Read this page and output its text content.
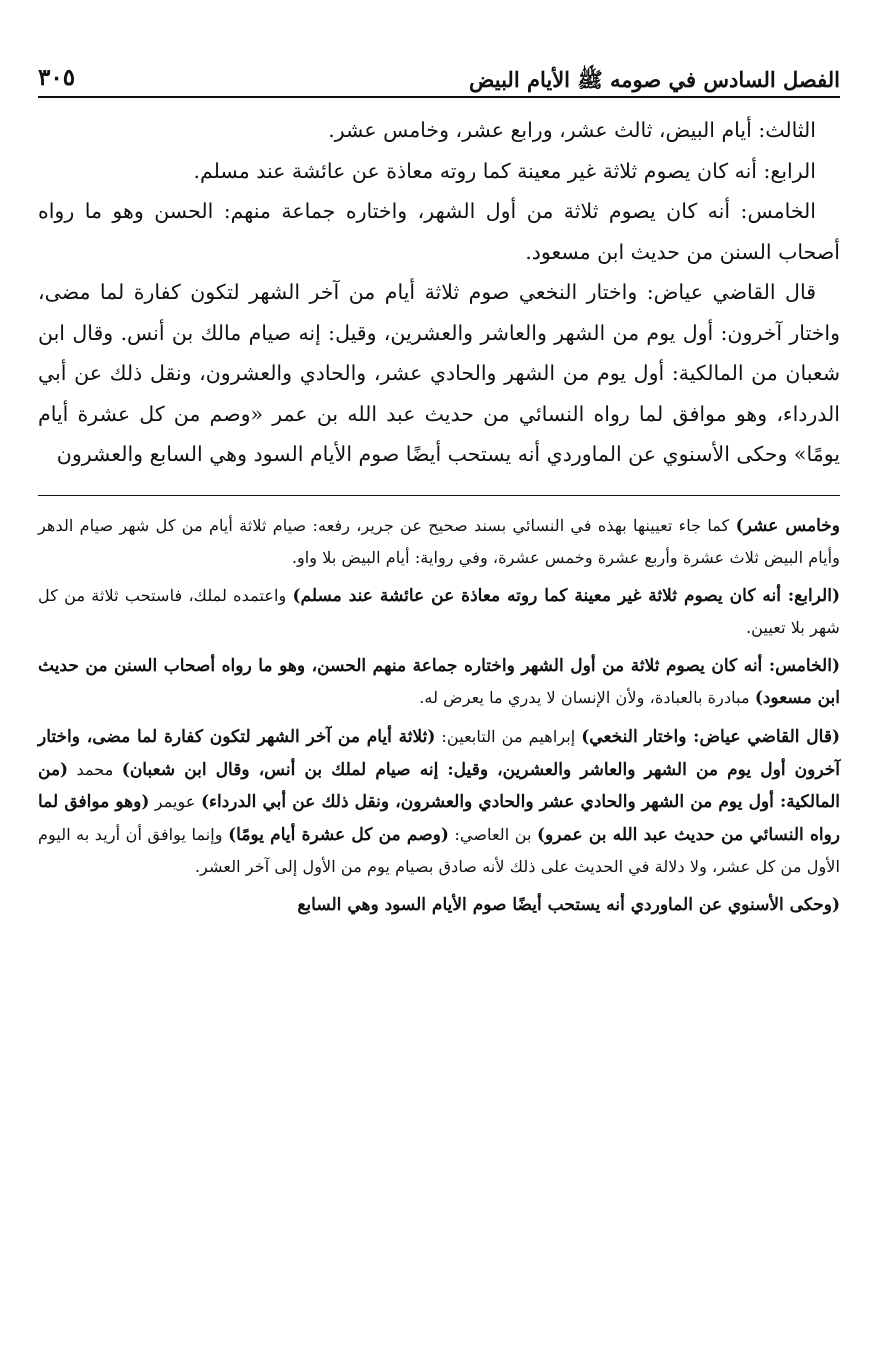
الفصل السادس في صومه ﷺ الأيام البيض
٣٠٥

الثالث: أيام البيض، ثالث عشر، ورابع عشر، وخامس عشر.

الرابع: أنه كان يصوم ثلاثة غير معينة كما روته معاذة عن عائشة عند مسلم.

الخامس: أنه كان يصوم ثلاثة من أول الشهر، واختاره جماعة منهم: الحسن وهو ما رواه أصحاب السنن من حديث ابن مسعود.

قال القاضي عياض: واختار النخعي صوم ثلاثة أيام من آخر الشهر لتكون كفارة لما مضى، واختار آخرون: أول يوم من الشهر والعاشر والعشرين، وقيل: إنه صيام مالك بن أنس. وقال ابن شعبان من المالكية: أول يوم من الشهر والحادي عشر، والحادي والعشرون، ونقل ذلك عن أبي الدرداء، وهو موافق لما رواه النسائي من حديث عبد الله بن عمر «وصم من كل عشرة أيام يومًا» وحكى الأسنوي عن الماوردي أنه يستحب أيضًا صوم الأيام السود وهي السابع والعشرون

وخامس عشر) كما جاء تعيينها بهذه في النسائي بسند صحيح عن جرير، رفعه: صيام ثلاثة أيام من كل شهر صيام الدهر وأيام البيض ثلاث عشرة وأربع عشرة وخمس عشرة، وفي رواية: أيام البيض بلا واو.

(الرابع: أنه كان يصوم ثلاثة غير معينة كما روته معاذة عن عائشة عند مسلم) واعتمده لملك، فاستحب ثلاثة من كل شهر بلا تعيين.

(الخامس: أنه كان يصوم ثلاثة من أول الشهر واختاره جماعة منهم الحسن، وهو ما رواه أصحاب السنن من حديث ابن مسعود) مبادرة بالعبادة، ولأن الإنسان لا يدري ما يعرض له.

(قال القاضي عياض: واختار النخعي) إبراهيم من التابعين: (ثلاثة أيام من آخر الشهر لتكون كفارة لما مضى، واختار آخرون أول يوم من الشهر والعاشر والعشرين، وقيل: إنه صيام لملك بن أنس، وقال ابن شعبان) محمد (من المالكية: أول يوم من الشهر والحادي عشر والحادي والعشرون، ونقل ذلك عن أبي الدرداء) عويمر (وهو موافق لما رواه النسائي من حديث عبد الله بن عمرو) بن العاصي: (وصم من كل عشرة أيام يومًا) وإنما يوافق أن أريد به اليوم الأول من كل عشر، ولا دلالة في الحديث على ذلك لأنه صادق بصيام يوم من الأول إلى آخر العشر.

(وحكى الأسنوي عن الماوردي أنه يستحب أيضًا صوم الأيام السود وهي السابع
